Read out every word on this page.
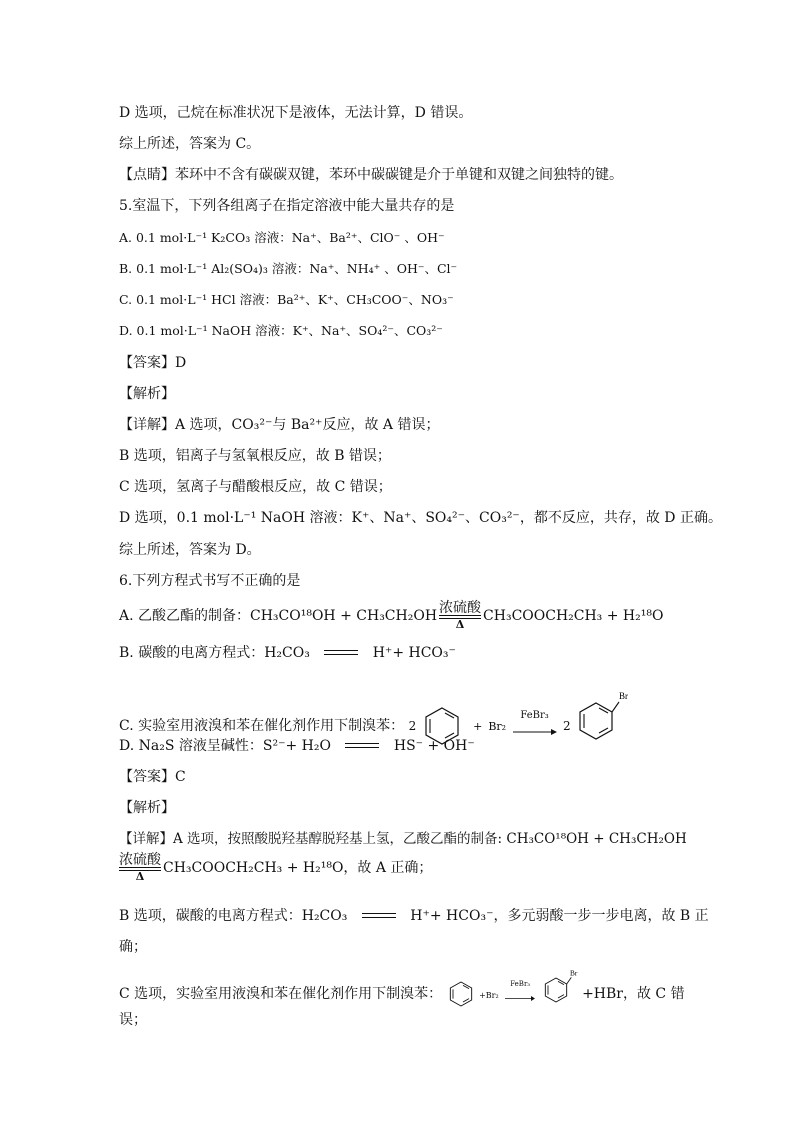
D 选项，己烷在标准状况下是液体，无法计算，D 错误。
综上所述，答案为 C。
【点睛】苯环中不含有碳碳双键，苯环中碳碳键是介于单键和双键之间独特的键。
5.室温下，下列各组离子在指定溶液中能大量共存的是
A. 0.1 mol·L⁻¹ K₂CO₃ 溶液：Na⁺、Ba²⁺、ClO⁻ 、OH⁻
B. 0.1 mol·L⁻¹ Al₂(SO₄)₃ 溶液：Na⁺、NH₄⁺ 、OH⁻、Cl⁻
C. 0.1 mol·L⁻¹ HCl 溶液：Ba²⁺、K⁺、CH₃COO⁻、NO₃⁻
D. 0.1 mol·L⁻¹ NaOH 溶液：K⁺、Na⁺、SO₄²⁻、CO₃²⁻
【答案】D
【解析】
【详解】A 选项，CO₃²⁻与 Ba²⁺反应，故 A 错误；
B 选项，铝离子与氢氧根反应，故 B 错误；
C 选项，氢离子与醋酸根反应，故 C 错误；
D 选项，0.1 mol·L⁻¹ NaOH 溶液：K⁺、Na⁺、SO₄²⁻、CO₃²⁻，都不反应，共存，故 D 正确。
综上所述，答案为 D。
6.下列方程式书写不正确的是
A. 乙酸乙酯的制备：CH₃CO¹⁸OH + CH₃CH₂OH 浓硫酸
Δ
CH₃COOCH₂CH₃ + H₂¹⁸O
B. 碳酸的电离方程式：H₂CO₃	H⁺+ HCO₃⁻
C. 实验室用液溴和苯在催化剂作用下制溴苯： 2	+ Br₂
FeBr₃
2
Br
D. Na₂S 溶液呈碱性：S²⁻+ H₂O	HS⁻ + OH⁻
【答案】C
【解析】
【详解】A 选项，按照酸脱羟基醇脱羟基上氢，乙酸乙酯的制备: CH₃CO¹⁸OH + CH₃CH₂OH
浓硫酸
Δ
CH₃COOCH₂CH₃ + H₂¹⁸O，故 A 正确；
B 选项，碳酸的电离方程式：H₂CO₃	H⁺+ HCO₃⁻，多元弱酸一步一步电离，故 B 正
确；
C 选项，实验室用液溴和苯在催化剂作用下制溴苯：	+Br₂
FeBr₃

Br
+HBr，故 C 错
误；
